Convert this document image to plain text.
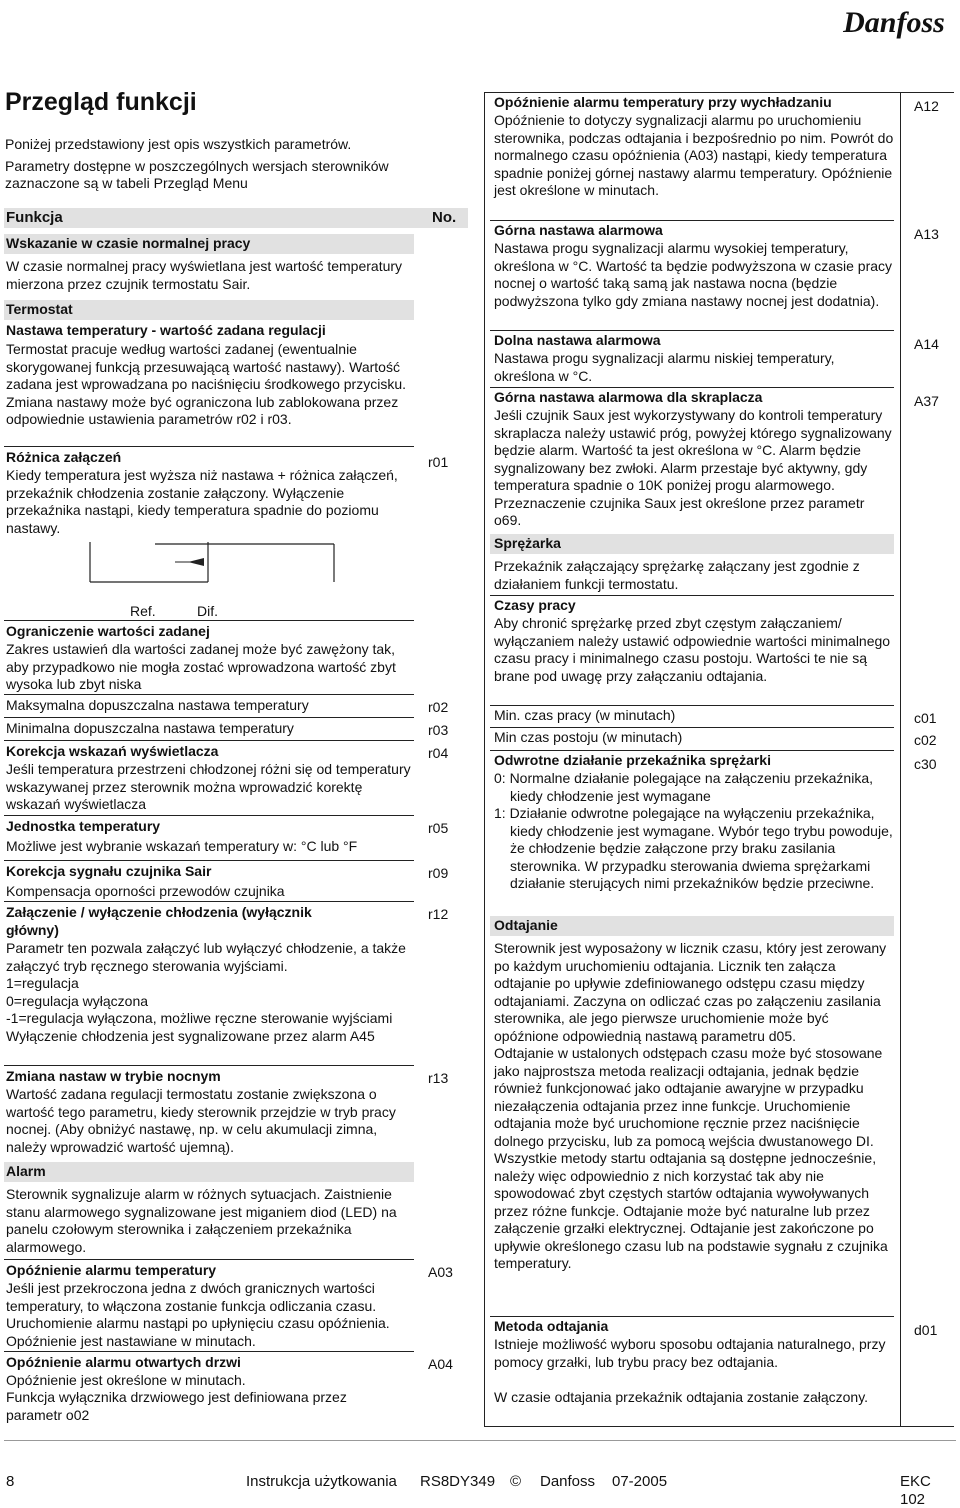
Danfoss
Przegląd funkcji
Poniżej przedstawiony jest opis wszystkich parametrów.
Parametry dostępne w poszczególnych wersjach sterowników zaznaczone są w tabeli Przegląd Menu
Funkcja	No.
Wskazanie w czasie normalnej pracy
W czasie normalnej pracy wyświetlana jest wartość temperatury mierzona przez czujnik termostatu Sair.
Termostat
Nastawa temperatury - wartość zadana regulacji
Termostat pracuje według wartości zadanej (ewentualnie skorygowanej funkcją przesuwającą wartość nastawy). Wartość zadana jest wprowadzana po naciśnięciu środkowego przycisku. Zmiana nastawy może być ograniczona lub zablokowana przez odpowiednie ustawienia parametrów r02 i r03.
Różnica załączeń
Kiedy temperatura jest wyższa niż nastawa + różnica załączeń, przekaźnik chłodzenia zostanie załączony. Wyłączenie przekaźnika nastąpi, kiedy temperatura spadnie do poziomu nastawy.
r01
Ref.	Dif.
Ograniczenie wartości zadanej
Zakres ustawień dla wartości zadanej może być zawężony tak, aby przypadkowo nie mogła zostać wprowadzona wartość zbyt wysoka lub zbyt niska
Maksymalna dopuszczalna nastawa temperatury	r02
Minimalna dopuszczalna nastawa temperatury	r03
Korekcja wskazań wyświetlacza
Jeśli temperatura przestrzeni chłodzonej różni się od temperatury wskazywanej przez sterownik można wprowadzić korektę wskazań wyświetlacza
r04
Jednostka temperatury
Możliwe jest wybranie wskazań temperatury w: °C lub °F
r05
Korekcja sygnału czujnika Sair
Kompensacja oporności przewodów czujnika
r09
Załączenie / wyłączenie chłodzenia (wyłącznik główny)

Parametr ten pozwala załączyć lub wyłączyć chłodzenie, a także załączyć tryb ręcznego sterowania wyjściami.

1=regulacja

0=regulacja wyłączona

-1=regulacja wyłączona, możliwe ręczne sterowanie wyjściami

Wyłączenie chłodzenia jest sygnalizowane przez alarm A45

r12
Zmiana nastaw w trybie nocnym
Wartość zadana regulacji termostatu zostanie zwiększona o wartość tego parametru, kiedy sterownik przejdzie w tryb pracy nocnej. (Aby obniżyć nastawę, np. w celu akumulacji zimna, należy wprowadzić wartość ujemną).
r13
Alarm
Sterownik sygnalizuje alarm w różnych sytuacjach. Zaistnienie stanu alarmowego sygnalizowane jest miganiem diod (LED) na panelu czołowym sterownika i załączeniem przekaźnika alarmowego.
Opóźnienie alarmu temperatury
Jeśli jest przekroczona jedna z dwóch granicznych wartości temperatury, to włączona zostanie funkcja odliczania czasu. Uruchomienie alarmu nastąpi po upłynięciu czasu opóźnienia. Opóźnienie jest nastawiane w minutach.
A03
Opóźnienie alarmu otwartych drzwi
Opóźnienie jest określone w minutach.
Funkcja wyłącznika drzwiowego jest definiowana przez parametr o02
A04
Opóźnienie alarmu temperatury przy wychładzaniu
Opóźnienie to dotyczy sygnalizacji alarmu po uruchomieniu sterownika, podczas odtajania i bezpośrednio po nim. Powrót do normalnego czasu opóźnienia (A03) nastąpi, kiedy temperatura spadnie poniżej górnej nastawy alarmu temperatury. Opóźnienie jest określone w minutach.
A12
Górna nastawa alarmowa
Nastawa progu sygnalizacji alarmu wysokiej temperatury, określona w °C. Wartość ta będzie podwyższona w czasie pracy nocnej o wartość taką samą jak nastawa nocna (będzie podwyższona tylko gdy zmiana nastawy nocnej jest dodatnia).
A13
Dolna nastawa alarmowa
Nastawa progu sygnalizacji alarmu niskiej temperatury, określona w °C.
A14
Górna nastawa alarmowa dla skraplacza
Jeśli czujnik Saux jest wykorzystywany do kontroli temperatury skraplacza należy ustawić próg, powyżej którego sygnalizowany będzie alarm. Wartość ta jest określona w °C. Alarm będzie sygnalizowany bez zwłoki. Alarm przestaje być aktywny, gdy temperatura spadnie o 10K poniżej progu alarmowego. Przeznaczenie czujnika Saux jest określone przez parametr o69.
A37
Sprężarka
Przekaźnik załączający sprężarkę załączany jest zgodnie z działaniem funkcji termostatu.
Czasy pracy
Aby chronić sprężarkę przed zbyt częstym załączaniem/ wyłączaniem należy ustawić odpowiednie wartości minimalnego czasu pracy i minimalnego czasu postoju. Wartości te nie są brane pod uwagę przy załączaniu odtajania.
Min. czas pracy (w minutach)	c01
Min czas postoju (w minutach)	c02
Odwrotne działanie przekaźnika sprężarki

0: Normalne działanie polegające na załączeniu przekaźnika, kiedy chłodzenie jest wymagane

1: Działanie odwrotne polegające na wyłączeniu przekaźnika, kiedy chłodzenie jest wymagane. Wybór tego trybu powoduje, że chłodzenie będzie załączone przy braku zasilania sterownika. W przypadku sterowania dwiema sprężarkami działanie sterujących nimi przekaźników będzie przeciwne.

c30
Odtajanie

Sterownik jest wyposażony w licznik czasu, który jest zerowany po każdym uruchomieniu odtajania. Licznik ten załącza odtajanie po upływie zdefiniowanego odstępu czasu między odtajaniami. Zaczyna on odliczać czas po załączeniu zasilania sterownika, ale jego pierwsze uruchomienie może być opóźnione odpowiednią nastawą parametru d05.

Odtajanie w ustalonych odstępach czasu może być stosowane jako najprostsza metoda realizacji odtajania, jednak będzie również funkcjonować jako odtajanie awaryjne w przypadku niezałączenia odtajania przez inne funkcje. Uruchomienie odtajania może być uruchomione ręcznie przez naciśnięcie dolnego przycisku, lub za pomocą wejścia dwustanowego DI.

Wszystkie metody startu odtajania są dostępne jednocześnie, należy więc odpowiednio z nich korzystać tak aby nie spowodować zbyt częstych startów odtajania wywoływanych przez różne funkcje. Odtajanie może być naturalne lub przez załączenie grzałki elektrycznej. Odtajanie jest zakończone po upływie określonego czasu lub na podstawie sygnału z czujnika temperatury.

Metoda odtajania
Istnieje możliwość wyboru sposobu odtajania naturalnego, przy pomocy grzałki, lub trybu pracy bez odtajania.
W czasie odtajania przekaźnik odtajania zostanie załączony.
d01
8	Instrukcja użytkowania RS8DY349 © Danfoss 07-2005	EKC 102
